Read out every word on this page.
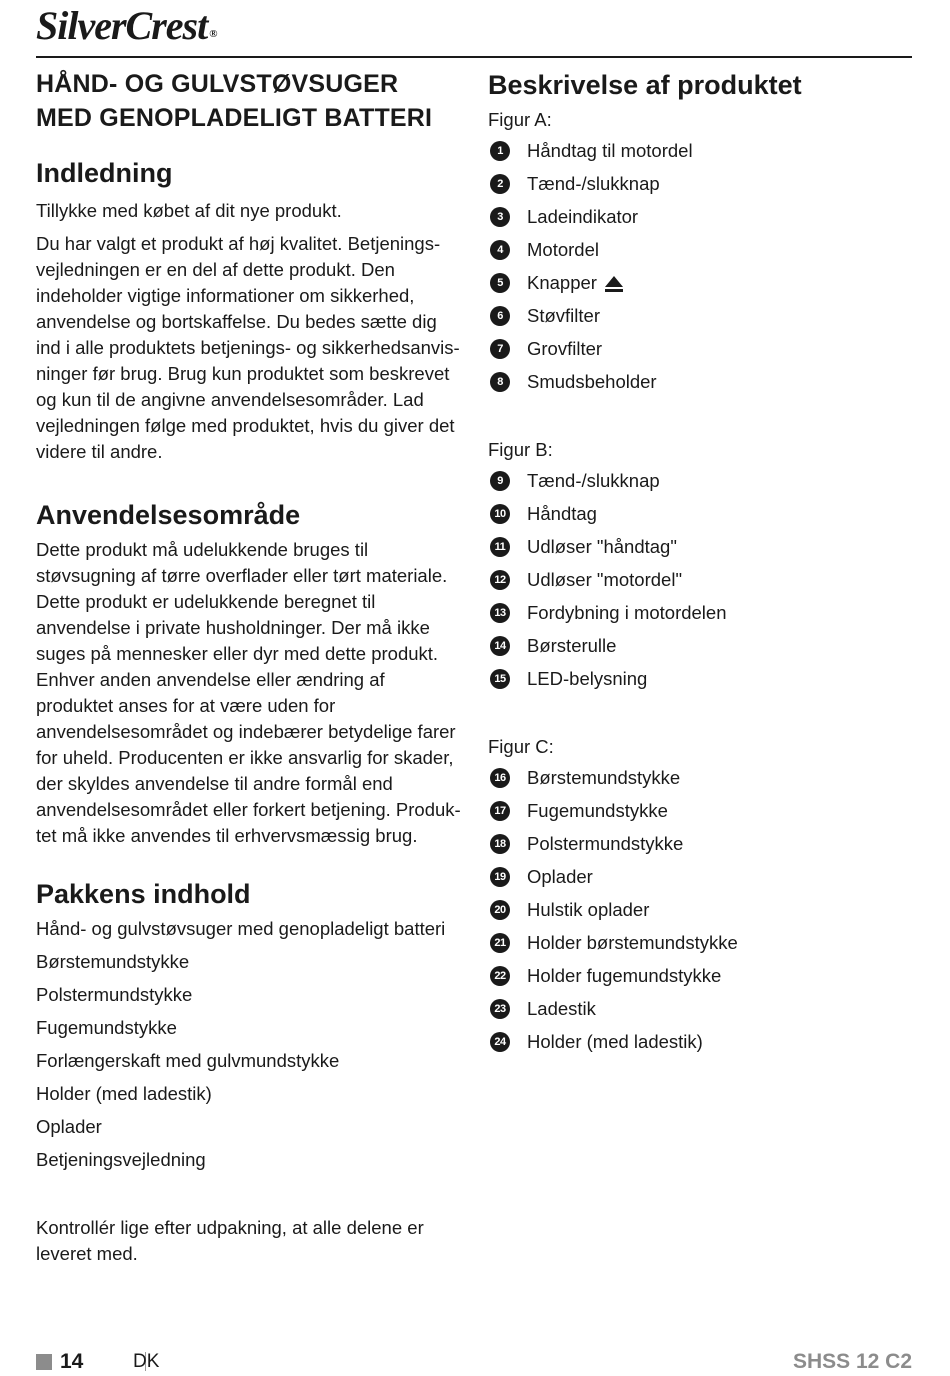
SilverCrest ®
HÅND- OG GULVSTØVSUGER
MED GENOPLADELIGT BATTERI
Indledning

Tillykke med købet af dit nye produkt.

Du har valgt et produkt af høj kvalitet. Betjeningsvejledningen er en del af dette produkt. Den indeholder vigtige informationer om sikkerhed, anvendelse og bortskaffelse. Du bedes sætte dig ind i alle produktets betjenings- og sikkerhedsanvisninger før brug. Brug kun produktet som beskrevet og kun til de angivne anvendelsesområder. Lad vejledningen følge med produktet, hvis du giver det videre til andre.

Anvendelsesområde

Dette produkt må udelukkende bruges til støvsugning af tørre overflader eller tørt materiale. Dette produkt er udelukkende beregnet til anvendelse i private husholdninger. Der må ikke suges på mennesker eller dyr med dette produkt. Enhver anden anvendelse eller ændring af produktet anses for at være uden for anvendelsesområdet og indebærer betydelige farer for uheld. Producenten er ikke ansvarlig for skader, der skyldes anvendelse til andre formål end anvendelsesområdet eller forkert betjening. Produktet må ikke anvendes til erhvervsmæssig brug.

Pakkens indhold
Hånd- og gulvstøvsuger med genopladeligt batteri
Børstemundstykke
Polstermundstykke
Fugemundstykke
Forlængerskaft med gulvmundstykke
Holder (med ladestik)
Oplader
Betjeningsvejledning

Kontrollér lige efter udpakning, at alle delene er leveret med.

Beskrivelse af produktet
Figur A:
1	Håndtag til motordel
2	Tænd-/slukknap
3	Ladeindikator
4	Motordel
5	Knapper
6	Støvfilter
7	Grovfilter
8	Smudsbeholder
Figur B:
9	Tænd-/slukknap
10 Håndtag
11 Udløser "håndtag"
12 Udløser "motordel"
13 Fordybning i motordelen
14 Børsterulle
15 LED-belysning
Figur C:
16 Børstemundstykke
17 Fugemundstykke
18 Polstermundstykke
19 Oplader
20 Hulstik oplader
21 Holder børstemundstykke
22 Holder fugemundstykke
23 Ladestik
24 Holder (med ladestik)
14	DK	SHSS 12 C2
